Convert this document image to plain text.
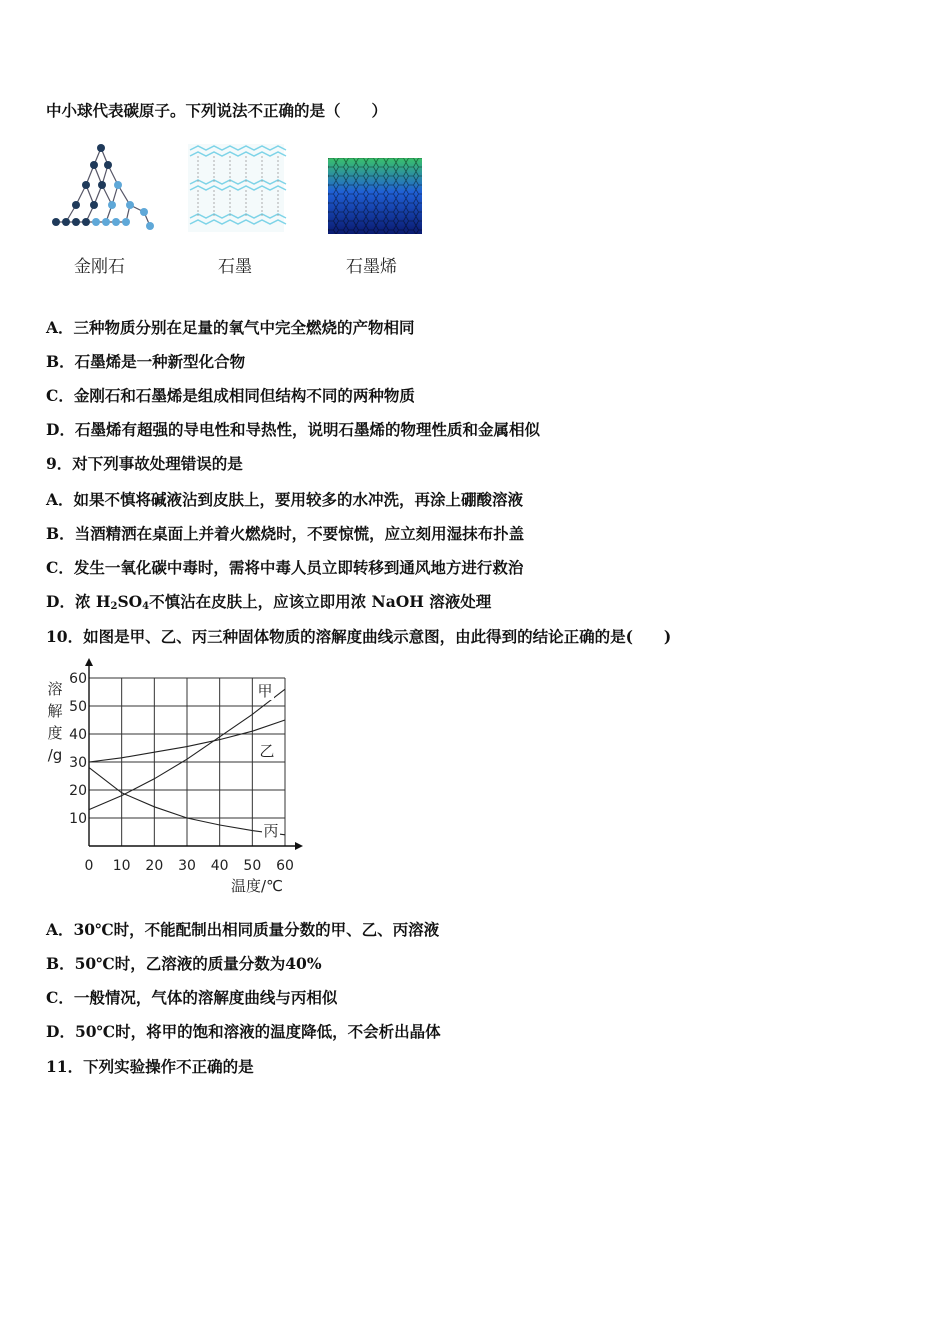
中小球代表碳原子。下列说法不正确的是（　　）
金刚石	石墨	石墨烯
A．三种物质分别在足量的氧气中完全燃烧的产物相同
B．石墨烯是一种新型化合物
C．金刚石和石墨烯是组成相同但结构不同的两种物质
D．石墨烯有超强的导电性和导热性，说明石墨烯的物理性质和金属相似
9．对下列事故处理错误的是
A．如果不慎将碱液沾到皮肤上，要用较多的水冲洗，再涂上硼酸溶液
B．当酒精洒在桌面上并着火燃烧时，不要惊慌，应立刻用湿抹布扑盖
C．发生一氧化碳中毒时，需将中毒人员立即转移到通风地方进行救治
D．浓 $H_2SO_4$不慎沾在皮肤上，应该立即用浓 NaOH 溶液处理
10．如图是甲、乙、丙三种固体物质的溶解度曲线示意图，由此得到的结论正确的是(　　)
0 10 20 30 40 50 60
10
20
30
40
50
60
甲
乙
丙
溶
解
度
/g
温度/℃
A．30℃时，不能配制出相同质量分数的甲、乙、丙溶液
B．50℃时，乙溶液的质量分数为40%
C．一般情况，气体的溶解度曲线与丙相似
D．50℃时，将甲的饱和溶液的温度降低，不会析出晶体
11．下列实验操作不正确的是
